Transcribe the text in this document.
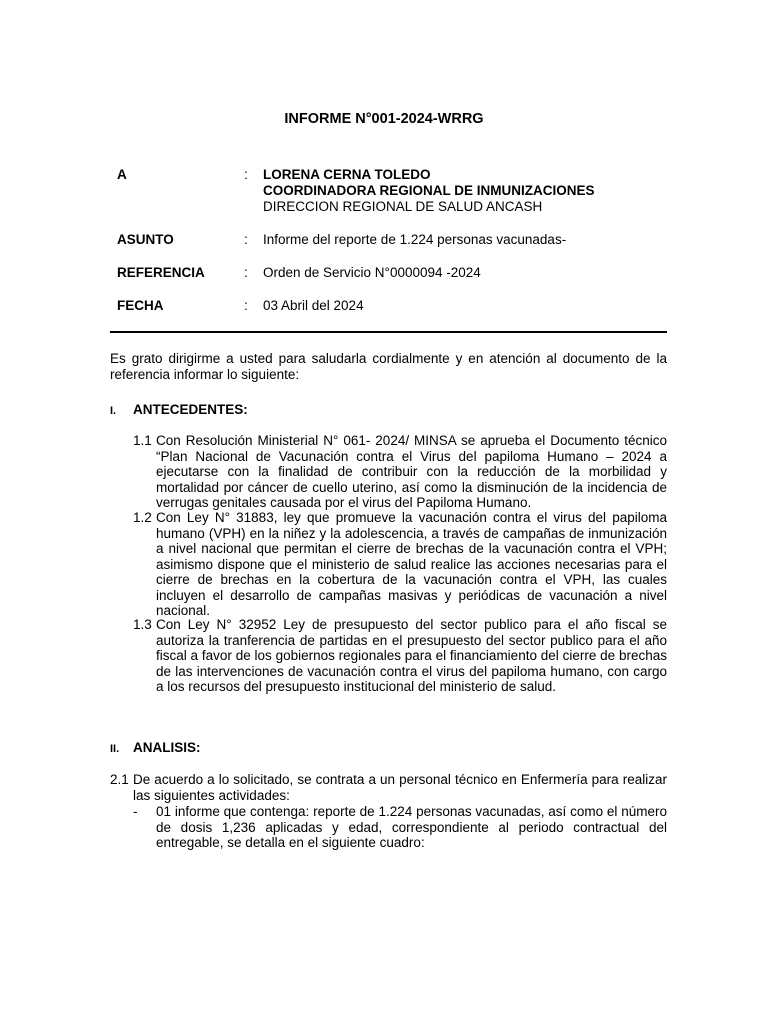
INFORME N°001-2024-WRRG
A	: LORENA CERNA TOLEDO
COORDINADORA REGIONAL DE INMUNIZACIONES
DIRECCION REGIONAL DE SALUD ANCASH
ASUNTO	: Informe del reporte de 1.224 personas vacunadas-
REFERENCIA	: Orden de Servicio N°0000094 -2024
FECHA	: 03 Abril del 2024
Es grato dirigirme a usted para saludarla cordialmente y en atención al documento de la referencia informar lo siguiente:
I. ANTECEDENTES:
1.1 Con Resolución Ministerial N° 061- 2024/ MINSA se aprueba el Documento técnico “Plan Nacional de Vacunación contra el Virus del papiloma Humano – 2024 a ejecutarse con la finalidad de contribuir con la reducción de la morbilidad y mortalidad por cáncer de cuello uterino, así como la disminución de la incidencia de verrugas genitales causada por el virus del Papiloma Humano.
1.2 Con Ley N° 31883, ley que promueve la vacunación contra el virus del papiloma humano (VPH) en la niñez y la adolescencia, a través de campañas de inmunización a nivel nacional que permitan el cierre de brechas de la vacunación contra el VPH; asimismo dispone que el ministerio de salud realice las acciones necesarias para el cierre de brechas en la cobertura de la vacunación contra el VPH, las cuales incluyen el desarrollo de campañas masivas y periódicas de vacunación a nivel nacional.
1.3 Con Ley N° 32952 Ley de presupuesto del sector publico para el año fiscal se autoriza la tranferencia de partidas en el presupuesto del sector publico para el año fiscal a favor de los gobiernos regionales para el financiamiento del cierre de brechas de las intervenciones de vacunación contra el virus del papiloma humano, con cargo a los recursos del presupuesto institucional del ministerio de salud.
II. ANALISIS:
2.1 De acuerdo a lo solicitado, se contrata a un personal técnico en Enfermería para realizar las siguientes actividades:
- 01 informe que contenga: reporte de 1.224 personas vacunadas, así como el número de dosis 1,236 aplicadas y edad, correspondiente al periodo contractual del entregable, se detalla en el siguiente cuadro:
